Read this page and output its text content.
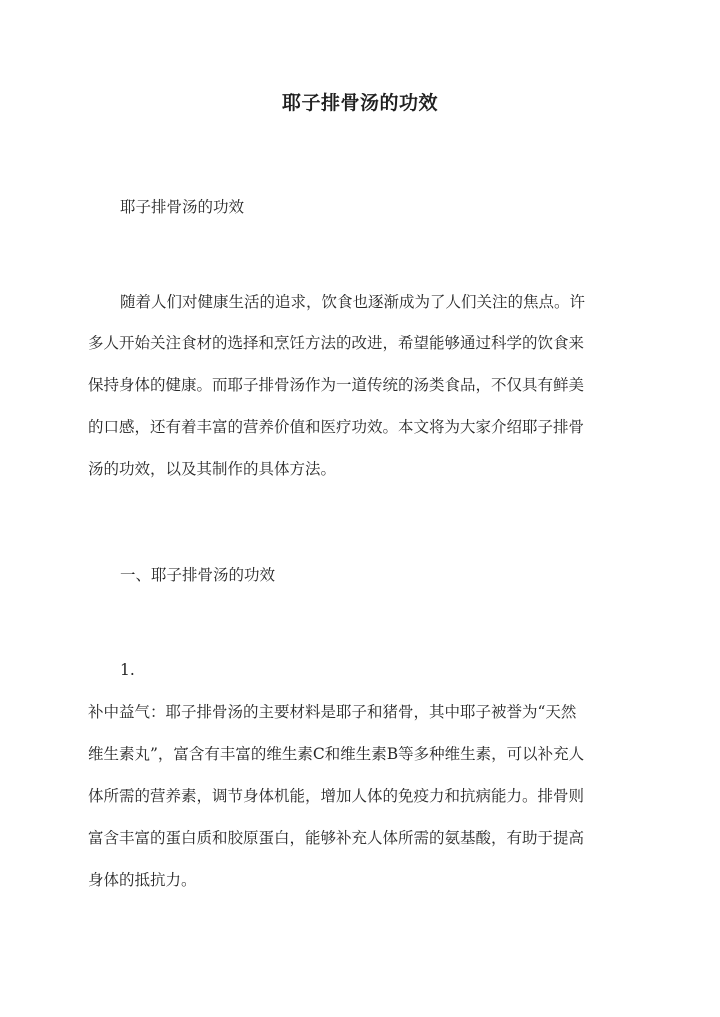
耶子排骨汤的功效
耶子排骨汤的功效
随着人们对健康生活的追求，饮食也逐渐成为了人们关注的焦点。许
多人开始关注食材的选择和烹饪方法的改进，希望能够通过科学的饮食来
保持身体的健康。而耶子排骨汤作为一道传统的汤类食品，不仅具有鲜美
的口感，还有着丰富的营养价值和医疗功效。本文将为大家介绍耶子排骨
汤的功效，以及其制作的具体方法。
一、耶子排骨汤的功效
1.
补中益气：耶子排骨汤的主要材料是耶子和猪骨，其中耶子被誉为“天然
维生素丸”，富含有丰富的维生素C和维生素B等多种维生素，可以补充人
体所需的营养素，调节身体机能，增加人体的免疫力和抗病能力。排骨则
富含丰富的蛋白质和胶原蛋白，能够补充人体所需的氨基酸，有助于提高
身体的抵抗力。
